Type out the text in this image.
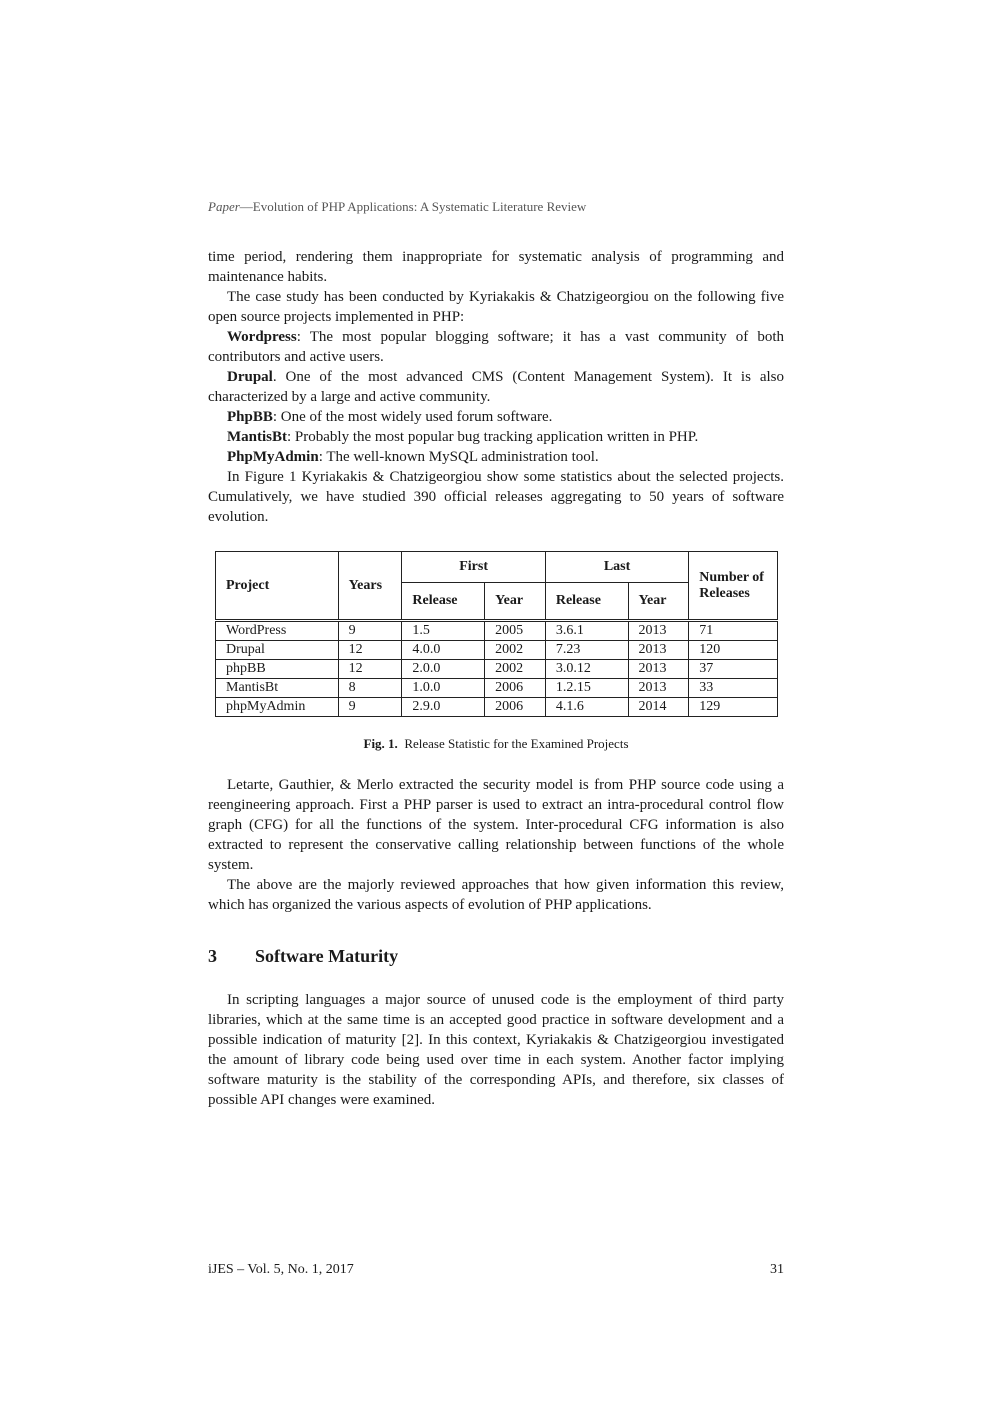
Paper—Evolution of PHP Applications: A Systematic Literature Review

time period, rendering them inappropriate for systematic analysis of programming and maintenance habits.

The case study has been conducted by Kyriakakis & Chatzigeorgiou on the following five open source projects implemented in PHP:

Wordpress: The most popular blogging software; it has a vast community of both contributors and active users.

Drupal. One of the most advanced CMS (Content Management System). It is also characterized by a large and active community.

PhpBB: One of the most widely used forum software.

MantisBt: Probably the most popular bug tracking application written in PHP.

PhpMyAdmin: The well-known MySQL administration tool.

In Figure 1 Kyriakakis & Chatzigeorgiou show some statistics about the selected projects. Cumulatively, we have studied 390 official releases aggregating to 50 years of software evolution.

Project	Years	First		Last		Number of Releases
		Release	Year	Release	Year	
WordPress	9	1.5	2005	3.6.1	2013	71
Drupal	12	4.0.0	2002	7.23	2013	120
phpBB	12	2.0.0	2002	3.0.12	2013	37
MantisBt	8	1.0.0	2006	1.2.15	2013	33
phpMyAdmin	9	2.9.0	2006	4.1.6	2014	129
Fig. 1. Release Statistic for the Examined Projects

Letarte, Gauthier, & Merlo extracted the security model is from PHP source code using a reengineering approach. First a PHP parser is used to extract an intra-procedural control flow graph (CFG) for all the functions of the system. Inter-procedural CFG information is also extracted to represent the conservative calling relationship between functions of the whole system.

The above are the majorly reviewed approaches that how given information this review, which has organized the various aspects of evolution of PHP applications.

3 Software Maturity

In scripting languages a major source of unused code is the employment of third party libraries, which at the same time is an accepted good practice in software development and a possible indication of maturity [2]. In this context, Kyriakakis & Chatzigeorgiou investigated the amount of library code being used over time in each system. Another factor implying software maturity is the stability of the corresponding APIs, and therefore, six classes of possible API changes were examined.

iJES – Vol. 5, No. 1, 2017	31
